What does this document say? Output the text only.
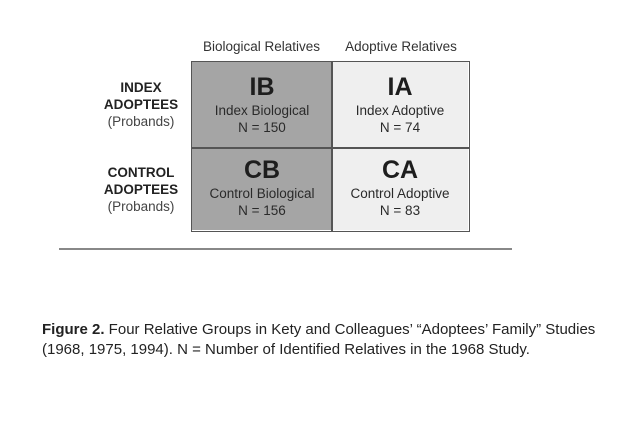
Biological Relatives	Adoptive Relatives
INDEX
ADOPTEES
(Probands)
CONTROL
ADOPTEES
(Probands)
IB
Index Biological
N = 150
IA
Index Adoptive
N = 74
CB
Control Biological
N = 156
CA
Control Adoptive
N = 83
Figure 2. Four Relative Groups in Kety and Colleagues’ “Adoptees’ Family” Studies (1968, 1975, 1994). N = Number of Identified Relatives in the 1968 Study.
